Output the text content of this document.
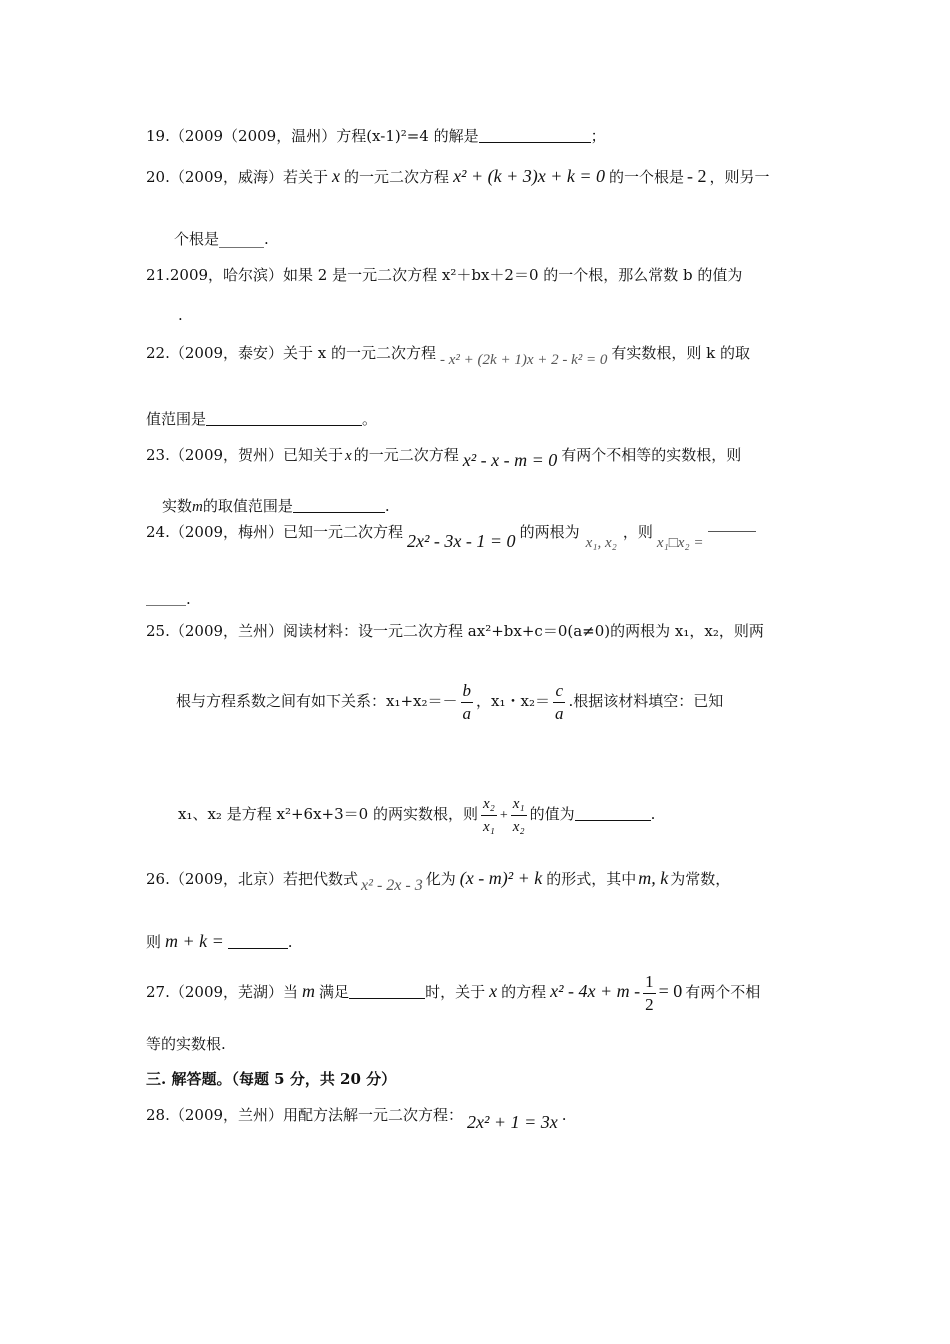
19.（2009（2009，温州）方程(x-1)²=4 的解是	；
20.（2009，威海）若关于 x 的一元二次方程 x² + (k + 3)x + k = 0 的一个根是 - 2 ，则另一
个根是______.
21.2009，哈尔滨）如果 2 是一元二次方程 x²＋bx＋2＝0 的一个根，那么常数 b 的值为
.
22.（2009，泰安）关于 x 的一元二次方程 - x² + (2k + 1)x + 2 - k² = 0 有实数根，则 k 的取
值范围是	。
23.（2009，贺州）已知关于 x 的一元二次方程 x² - x - m = 0 有两个不相等的实数根，则
实数m的取值范围是	.
24.（2009，梅州）已知一元二次方程 2x² - 3x - 1 = 0 的两根为x₁, x₂，则x₁□x₂ =
.
25.（2009，兰州）阅读材料：设一元二次方程 ax²+bx+c＝0(a≠0)的两根为 x₁，x₂，则两
根与方程系数之间有如下关系：$x_1+x_2=- \frac{b}{a}$ ，x₁・$x_2= \frac{c}{a}$ .根据该材料填空：已知
x₁、x₂ 是方程 x²+6x+3＝0 的两实数根，则 $\frac{\text{x₂}}{\text{x₁}} + \frac{\text{x₁}}{\text{x₂}}$ 的值为	.
26.（2009，北京）若把代数式 x² - 2x - 3 化为 (x - m)² + k 的形式，其中 m, k 为常数，
则 m + k =	.
27.（2009，芜湖）当 m 满足	时，关于 x 的方程 $x^2 - 4x + m - \frac{1}{2} = 0$ 有两个不相
等的实数根.
三. 解答题。（每题 5 分，共 20 分）
28.（2009，兰州）用配方法解一元二次方程： 2x² + 1 = 3x .
